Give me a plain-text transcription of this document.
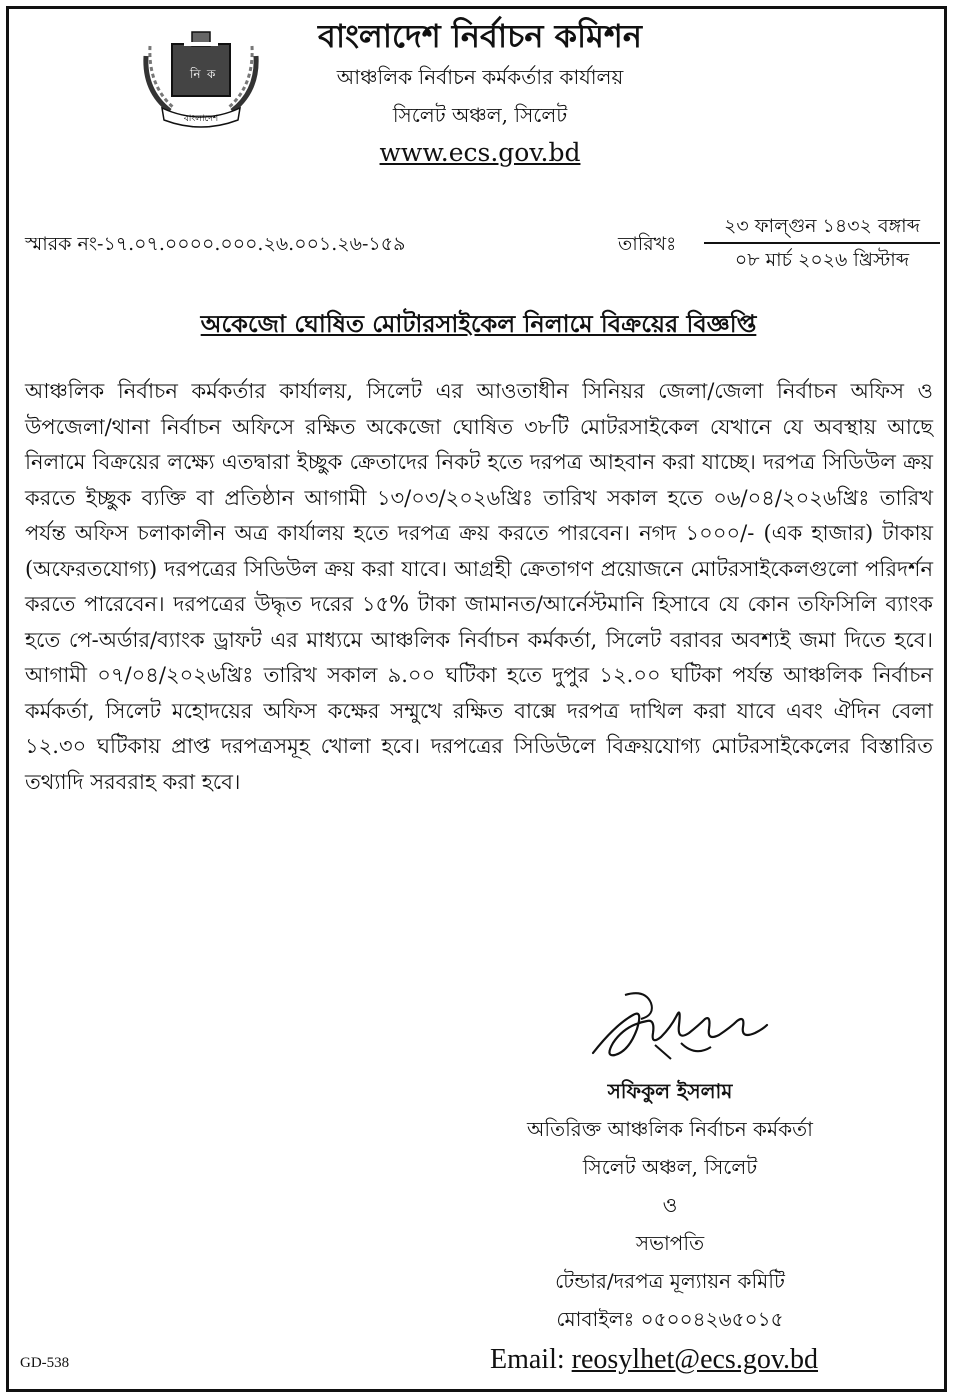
নি ক
বাংলাদেশ
বাংলাদেশ নির্বাচন কমিশন
আঞ্চলিক নির্বাচন কর্মকর্তার কার্যালয়
সিলেট অঞ্চল, সিলেট
www.ecs.gov.bd
স্মারক নং-১৭.০৭.০০০০.০০০.২৬.০০১.২৬-১৫৯	তারিখঃ
২৩ ফাল্গুন ১৪৩২ বঙ্গাব্দ
০৮ মার্চ ২০২৬ খ্রিস্টাব্দ
অকেজো ঘোষিত মোটারসাইকেল নিলামে বিক্রয়ের বিজ্ঞপ্তি
আঞ্চলিক নির্বাচন কর্মকর্তার কার্যালয়, সিলেট এর আওতাধীন সিনিয়র জেলা/জেলা নির্বাচন অফিস ও উপজেলা/থানা নির্বাচন অফিসে রক্ষিত অকেজো ঘোষিত ৩৮টি মোটরসাইকেল যেখানে যে অবস্থায় আছে নিলামে বিক্রয়ের লক্ষ্যে এতদ্বারা ইচ্ছুক ক্রেতাদের নিকট হতে দরপত্র আহবান করা যাচ্ছে। দরপত্র সিডিউল ক্রয় করতে ইচ্ছুক ব্যক্তি বা প্রতিষ্ঠান আগামী ১৩/০৩/২০২৬খ্রিঃ তারিখ সকাল হতে ০৬/০৪/২০২৬খ্রিঃ তারিখ পর্যন্ত অফিস চলাকালীন অত্র কার্যালয় হতে দরপত্র ক্রয় করতে পারবেন। নগদ ১০০০/- (এক হাজার) টাকায় (অফেরতযোগ্য) দরপত্রের সিডিউল ক্রয় করা যাবে। আগ্রহী ক্রেতাগণ প্রয়োজনে মোটরসাইকেলগুলো পরিদর্শন করতে পারেবেন। দরপত্রের উদ্ধৃত দরের ১৫% টাকা জামানত/আর্নেস্টমানি হিসাবে যে কোন তফিসিলি ব্যাংক হতে পে-অর্ডার/ব্যাংক ড্রাফট এর মাধ্যমে আঞ্চলিক নির্বাচন কর্মকর্তা, সিলেট বরাবর অবশ্যই জমা দিতে হবে। আগামী ০৭/০৪/২০২৬খ্রিঃ তারিখ সকাল ৯.০০ ঘটিকা হতে দুপুর ১২.০০ ঘটিকা পর্যন্ত আঞ্চলিক নির্বাচন কর্মকর্তা, সিলেট মহোদয়ের অফিস কক্ষের সম্মুখে রক্ষিত বাক্সে দরপত্র দাখিল করা যাবে এবং ঐদিন বেলা ১২.৩০ ঘটিকায় প্রাপ্ত দরপত্রসমূহ খোলা হবে। দরপত্রের সিডিউলে বিক্রয়যোগ্য মোটরসাইকেলের বিস্তারিত তথ্যাদি সরবরাহ করা হবে।
সফিকুল ইসলাম
অতিরিক্ত আঞ্চলিক নির্বাচন কর্মকর্তা
সিলেট অঞ্চল, সিলেট
ও
সভাপতি
টেন্ডার/দরপত্র মূল্যায়ন কমিটি
মোবাইলঃ ০৫০০৪২৬৫০১৫
GD-538	Email: reosylhet@ecs.gov.bd
